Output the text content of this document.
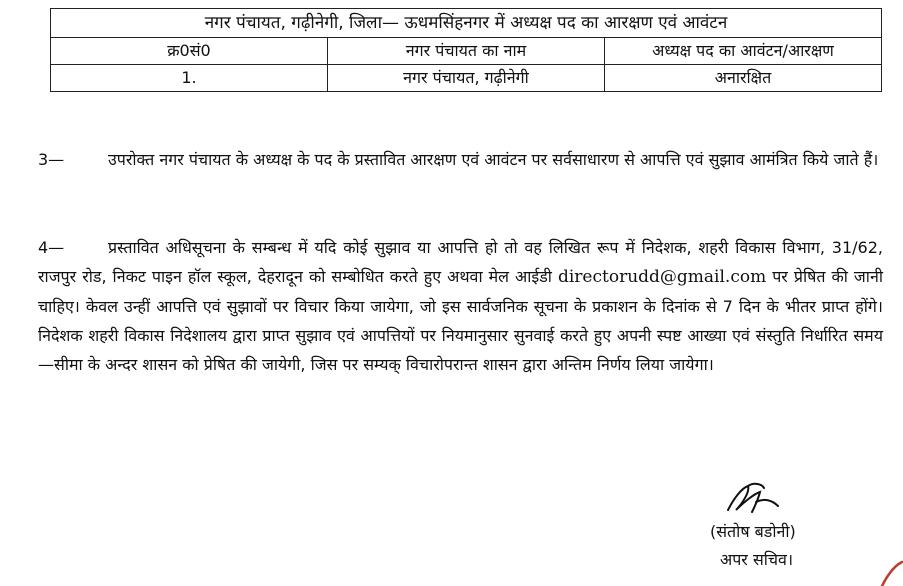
नगर पंचायत, गढ़ीनेगी, जिला— ऊधमसिंहनगर में अध्यक्ष पद का आरक्षण एवं आवंटन		
क्र0सं0	नगर पंचायत का नाम	अध्यक्ष पद का आवंटन/आरक्षण
1.	नगर पंचायत, गढ़ीनेगी	अनारक्षित

3—	उपरोक्त नगर पंचायत के अध्यक्ष के पद के प्रस्तावित आरक्षण एवं आवंटन पर सर्वसाधारण से आपत्ति एवं सुझाव आमंत्रित किये जाते हैं।

4—	प्रस्तावित अधिसूचना के सम्बन्ध में यदि कोई सुझाव या आपत्ति हो तो वह लिखित रूप में निदेशक, शहरी विकास विभाग, 31/62, राजपुर रोड, निकट पाइन हॉल स्कूल, देहरादून को सम्बोधित करते हुए अथवा मेल आईडी directorudd@gmail.com पर प्रेषित की जानी चाहिए। केवल उन्हीं आपत्ति एवं सुझावों पर विचार किया जायेगा, जो इस सार्वजनिक सूचना के प्रकाशन के दिनांक से 7 दिन के भीतर प्राप्त होंगे। निदेशक शहरी विकास निदेशालय द्वारा प्राप्त सुझाव एवं आपत्तियों पर नियमानुसार सुनवाई करते हुए अपनी स्पष्ट आख्या एवं संस्तुति निर्धारित समय—सीमा के अन्दर शासन को प्रेषित की जायेगी, जिस पर सम्यक् विचारोपरान्त शासन द्वारा अन्तिम निर्णय लिया जायेगा।

(संतोष बडोनी)
अपर सचिव।
